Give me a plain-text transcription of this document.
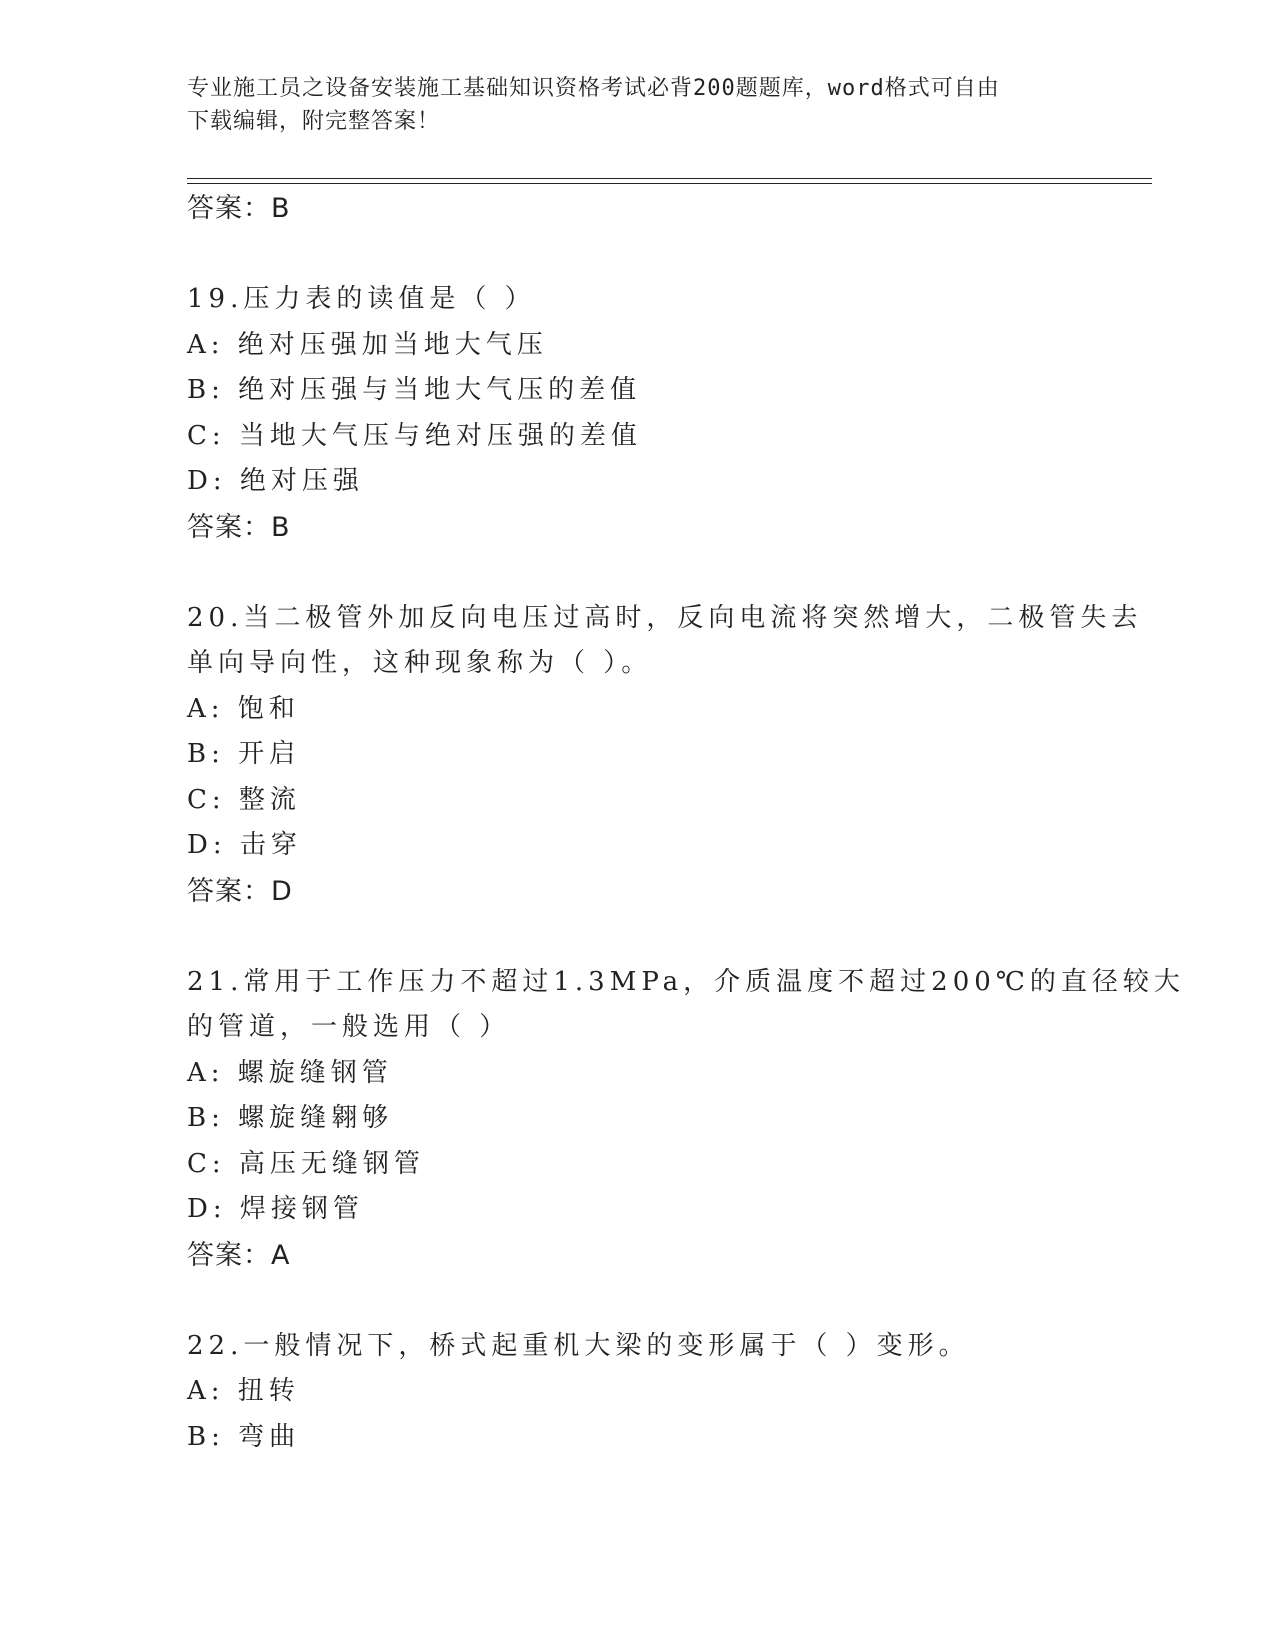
专业施工员之设备安装施工基础知识资格考试必背200题题库，word格式可自由
下载编辑，附完整答案！
答案：B
19.压力表的读值是（ ）
A: 绝对压强加当地大气压
B: 绝对压强与当地大气压的差值
C: 当地大气压与绝对压强的差值
D: 绝对压强
答案：B
20.当二极管外加反向电压过高时，反向电流将突然增大，二极管失去
单向导向性，这种现象称为（ ）。
A: 饱和
B: 开启
C: 整流
D: 击穿
答案：D
21.常用于工作压力不超过1.3MPa，介质温度不超过200℃的直径较大
的管道，一般选用（ ）
A: 螺旋缝钢管
B: 螺旋缝翱够
C: 高压无缝钢管
D: 焊接钢管
答案：A
22.一般情况下，桥式起重机大梁的变形属于（ ）变形。
A: 扭转
B: 弯曲
